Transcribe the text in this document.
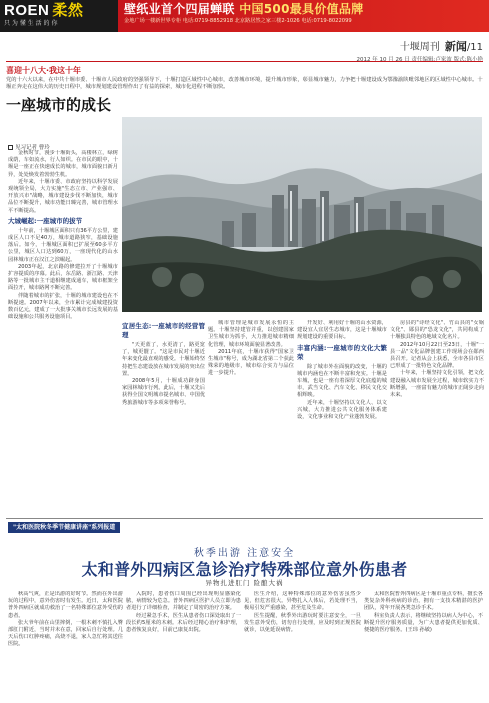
ROEN 柔然
只 为 懂 生 活 的 你
壁纸业首个四届蝉联 中国500最具价值品牌
金地广场一楼新世界专柜 电话:0719-8852918 北京路居然之家三楼2-1026 电话:0719-8022099
十堰周刊 新闻/11
2012 年 10 月 26 日 责任编辑:卢家波 版式:陈小艳
喜迎十八大·我这十年
党的十六大以来，在中共十堰市委、十堰市人民政府的坚强领导下，十堰打造区域性中心城市，改善城市环境，提升城市形象，彰显城市魅力，力争把十堰建设成为鄂豫渝陕毗邻地区的区域性中心城市。十堰正奔走在这伟大的历史日程中，城市规划建设管理作出了有益的探索，城市化进程不断加快。
一座城市的成长
见习记者 曹玲

金秋时节，漫步十堰街头，高楼林立，绿树成荫，车如流水，行人如织。在市民的眼中，十堰是一座正在快速成长的城市，城市面貌日新月异，处处焕发着勃勃生机。

近年来，十堰市委、市政府坚持以科学发展观统领全局，大力实施"生态立市、产业强市、开放兴市"战略，城市建设步伐不断加快，城市品位不断提升，城市功能日臻完善，城市管理水平不断提高。

大城崛起:一座城市的拔节

十年前，十堰城区面积只有36平方公里，建成区人口不足40万，城市道路狭窄，基础设施落后。如今，十堰城区面积已扩展至60多平方公里，城区人口达到60万，一座现代化的山水园林城市正在汉江之滨崛起。

2003年起，北京路的修建拉开了十堰城市扩容提质的序幕。此后，东岳路、浙江路、天津路等一批城市主干道相继建成通车，城市框架全面拉开，城市路网不断完善。

伴随着城市的扩张，十堰的城市建设也在不断提速。2007年以来，全市累计完成城建投资数百亿元，建成了一大批事关城市长远发展的基础设施和公共服务设施项目。

宜居生态:一座城市的经营管理

"天更蓝了，水更清了，路更宽了，城更靓了。"这是市民对十堰近年来变化最直观的感受。十堰始终坚持把生态建设放在城市发展的突出位置。

2008年5月，十堰成功跻身国家园林城市行列。此后，十堰又先后获得全国文明城市提名城市、中国优秀旅游城市等多项荣誉称号。

城市管理是城市发展永恒的主题。十堰坚持建管并重，以创建国家卫生城市为抓手，大力推进城市精细化管理，城市环境面貌显著改善。

2011年底，十堰市获得"国家卫生城市"称号，成为湖北省第二个获此殊荣的地级市，城市综合实力与品位进一步提升。

开发好、利用好十堰的山水资源，建设宜人宜居生态城市，这是十堰城市规划建设的重要目标。

丰富内涵:一座城市的文化大繁荣

除了城市外在面貌的改变，十堰的城市内涵也在不断丰富和充实。十堰是车城，也是一座有着深厚文化底蕴的城市，武当文化、汽车文化、移民文化交相辉映。

近年来，十堰坚持以文化人、以文兴城，大力推进公共文化服务体系建设，文化事业和文化产业蓬勃发展。

房县的"诗经文化"、竹山县的"女娲文化"、郧县的"恐龙文化"，共同构成了十堰独具特色的地域文化名片。

2012年10月22日至23日，十堰"一县一品"文化品牌创建工作现场会在郧西县召开。记者从会上获悉，全市各县市区已形成了一批特色文化品牌。

十年来，十堰坚持文化引领，把文化建设融入城市发展全过程，城市软实力不断增强，一座富有魅力的城市正阔步走向未来。

"太和医院秋冬季节健康讲座"系列报道
秋季出游 注意安全
太和普外四病区急诊治疗特殊部位意外伤患者
异物扎进肛门 险酿大祸

秋高气爽，正是出游的好时节。然而在外出游玩的过程中，意外伤害时有发生。近日，太和医院普外四病区就成功救治了一名特殊部位意外受伤的患者。

张大爷年前在山里摔倒，一根木刺不慎扎入臀部肛门附近，当时并未在意，回家后自行处理。几天后伤口红肿疼痛，高烧不退，家人急忙将其送往医院。

入院时，患者伤口周围已经出现明显感染化脓，病情较为危急。普外四病区医护人员立即为患者进行了详细检查，并制定了周密的治疗方案。

经过紧急手术，医生从患者伤口深处取出了一段长约5厘米的木刺。术后经过精心治疗和护理，患者恢复良好，目前已康复出院。

医生介绍，这种特殊部位的意外伤害虽然少见，但危害很大。异物扎入人体后，若处理不当，极易引发严重感染，甚至危及生命。

医生提醒，秋季外出游玩时要注意安全，一旦发生意外受伤，切勿自行处理，应及时到正规医院就诊，以免延误病情。

太和医院普外四病区是十堰市重点专科，擅长各类复杂外科疾病的诊治，拥有一支技术精湛的医护团队，常年开展各类急诊手术。

科室负责人表示，将继续坚持以病人为中心，不断提升医疗服务质量，为广大患者提供更加优质、便捷的医疗服务。(王玮 孙敏)
